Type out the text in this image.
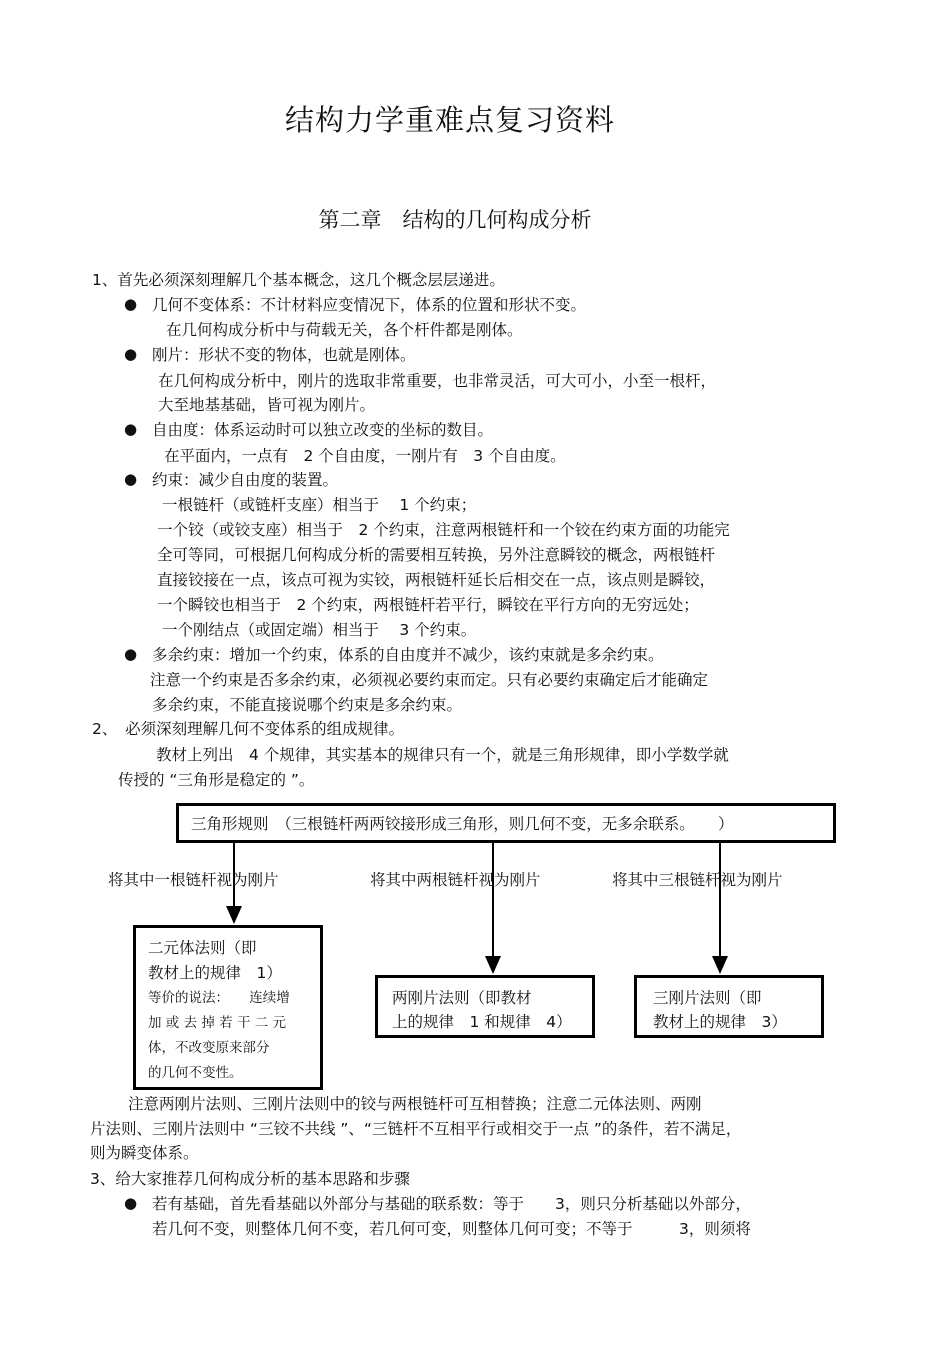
结构力学重难点复习资料
第二章　结构的几何构成分析
1、首先必须深刻理解几个基本概念，这几个概念层层递进。
● 几何不变体系：不计材料应变情况下，体系的位置和形状不变。
在几何构成分析中与荷载无关，各个杆件都是刚体。
● 刚片：形状不变的物体，也就是刚体。
在几何构成分析中，刚片的选取非常重要，也非常灵活，可大可小，小至一根杆，
大至地基基础，皆可视为刚片。
● 自由度：体系运动时可以独立改变的坐标的数目。
在平面内，一点有　2 个自由度，一刚片有　3 个自由度。
● 约束：减少自由度的装置。
一根链杆（或链杆支座）相当于　 1 个约束；
一个铰（或铰支座）相当于　2 个约束，注意两根链杆和一个铰在约束方面的功能完
全可等同，可根据几何构成分析的需要相互转换，另外注意瞬铰的概念，两根链杆
直接铰接在一点，该点可视为实铰，两根链杆延长后相交在一点，该点则是瞬铰，
一个瞬铰也相当于　2 个约束，两根链杆若平行，瞬铰在平行方向的无穷远处；
一个刚结点（或固定端）相当于　 3 个约束。
● 多余约束：增加一个约束，体系的自由度并不减少，该约束就是多余约束。
注意一个约束是否多余约束，必须视必要约束而定。只有必要约束确定后才能确定
多余约束，不能直接说哪个约束是多余约束。
2、　必须深刻理解几何不变体系的组成规律。
教材上列出　4 个规律，其实基本的规律只有一个，就是三角形规律，即小学数学就
传授的 “三角形是稳定的 ”。
三角形规则　（三根链杆两两铰接形成三角形，则几何不变，无多余联系。　　）
将其中一根链杆视为刚片	将其中两根链杆视为刚片	将其中三根链杆视为刚片
二元体法则（即
教材上的规律　1）
等价的说法：　　连续增
加 或 去 掉 若 干 二 元
体，不改变原来部分
的几何不变性。
两刚片法则（即教材
上的规律　1 和规律　4）
三刚片法则（即
教材上的规律　3）
注意两刚片法则、三刚片法则中的铰与两根链杆可互相替换；注意二元体法则、两刚
片法则、三刚片法则中 “三铰不共线 ”、“三链杆不互相平行或相交于一点 ”的条件，若不满足，
则为瞬变体系。
3、给大家推荐几何构成分析的基本思路和步骤
● 若有基础，首先看基础以外部分与基础的联系数：等于　　3，则只分析基础以外部分，
若几何不变，则整体几何不变，若几何可变，则整体几何可变；不等于　　　3，则须将
